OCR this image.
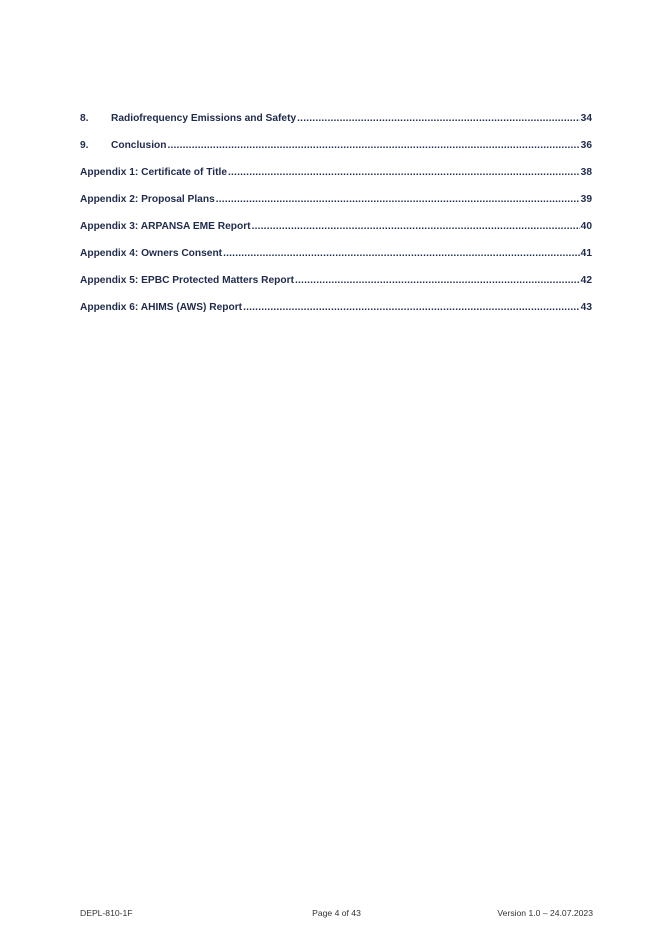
8.	Radiofrequency Emissions and Safety .....	34
9.	Conclusion .....	36
Appendix 1: Certificate of Title .....	38
Appendix 2: Proposal Plans .....	39
Appendix 3: ARPANSA EME Report .....	40
Appendix 4: Owners Consent .....	41
Appendix 5: EPBC Protected Matters Report .....	42
Appendix 6: AHIMS (AWS) Report .....	43
DEPL-810-1F	Page 4 of 43	Version 1.0 – 24.07.2023
